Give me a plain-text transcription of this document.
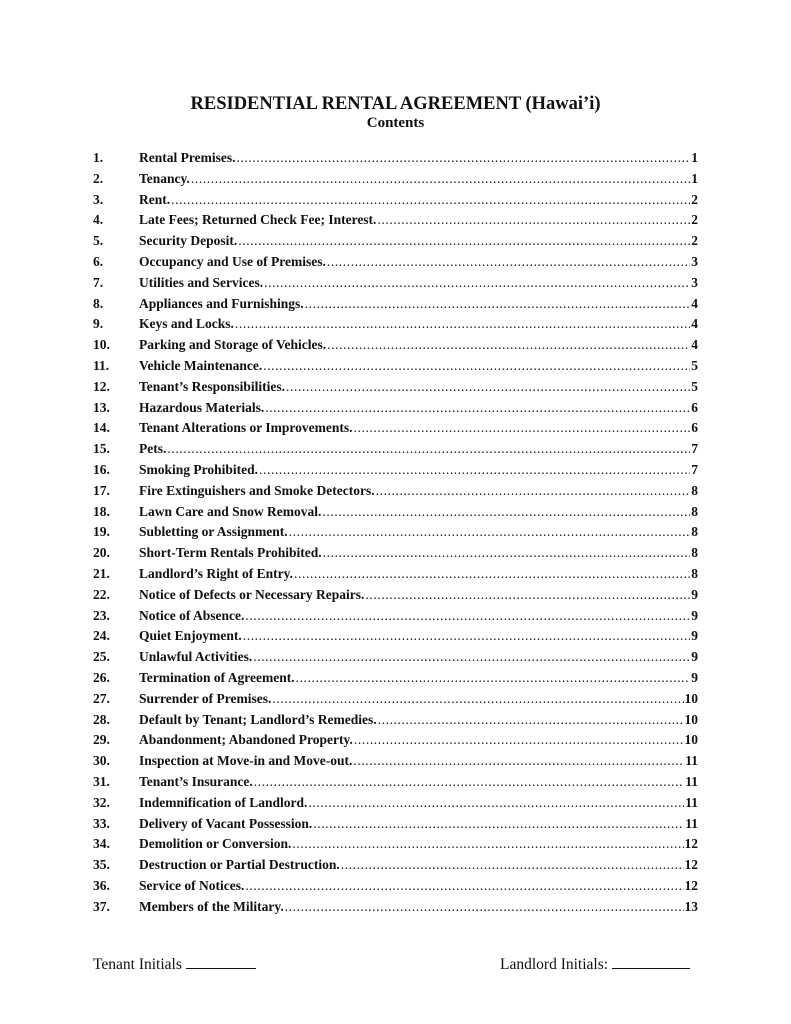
RESIDENTIAL RENTAL AGREEMENT (Hawai’i)
Contents
1.	Rental Premises. .....	1
2.	Tenancy. .....	1
3.	Rent. .....	2
4.	Late Fees; Returned Check Fee; Interest. .....	2
5.	Security Deposit. .....	2
6.	Occupancy and Use of Premises. .....	3
7.	Utilities and Services. .....	3
8.	Appliances and Furnishings. .....	4
9.	Keys and Locks. .....	4
10.	Parking and Storage of Vehicles. .....	4
11.	Vehicle Maintenance. .....	5
12.	Tenant’s Responsibilities. .....	5
13.	Hazardous Materials. .....	6
14.	Tenant Alterations or Improvements. .....	6
15.	Pets. .....	7
16.	Smoking Prohibited. .....	7
17.	Fire Extinguishers and Smoke Detectors. .....	8
18.	Lawn Care and Snow Removal. .....	8
19.	Subletting or Assignment. .....	8
20.	Short-Term Rentals Prohibited. .....	8
21.	Landlord’s Right of Entry. .....	8
22.	Notice of Defects or Necessary Repairs. .....	9
23.	Notice of Absence. .....	9
24.	Quiet Enjoyment. .....	9
25.	Unlawful Activities. .....	9
26.	Termination of Agreement. .....	9
27.	Surrender of Premises. .....	10
28.	Default by Tenant; Landlord’s Remedies. .....	10
29.	Abandonment; Abandoned Property. .....	10
30.	Inspection at Move-in and Move-out. .....	11
31.	Tenant’s Insurance. .....	11
32.	Indemnification of Landlord. .....	11
33.	Delivery of Vacant Possession. .....	11
34.	Demolition or Conversion. .....	12
35.	Destruction or Partial Destruction. .....	12
36.	Service of Notices. .....	12
37.	Members of the Military. .....	13
Tenant Initials	Landlord Initials:
